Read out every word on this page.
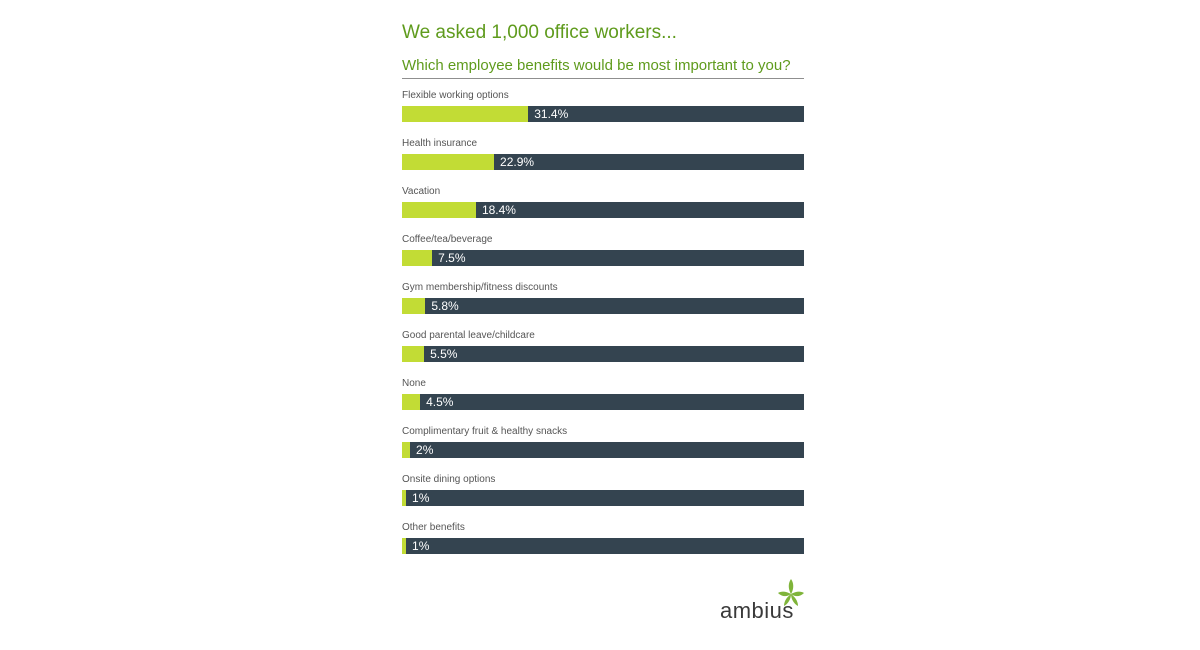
We asked 1,000 office workers...
Which employee benefits would be most important to you?
Flexible working options
31.4%
Health insurance
22.9%
Vacation
18.4%
Coffee/tea/beverage
7.5%
Gym membership/fitness discounts
5.8%
Good parental leave/childcare
5.5%
None
4.5%
Complimentary fruit & healthy snacks
2%
Onsite dining options
1%
Other benefits
1%
ambius
